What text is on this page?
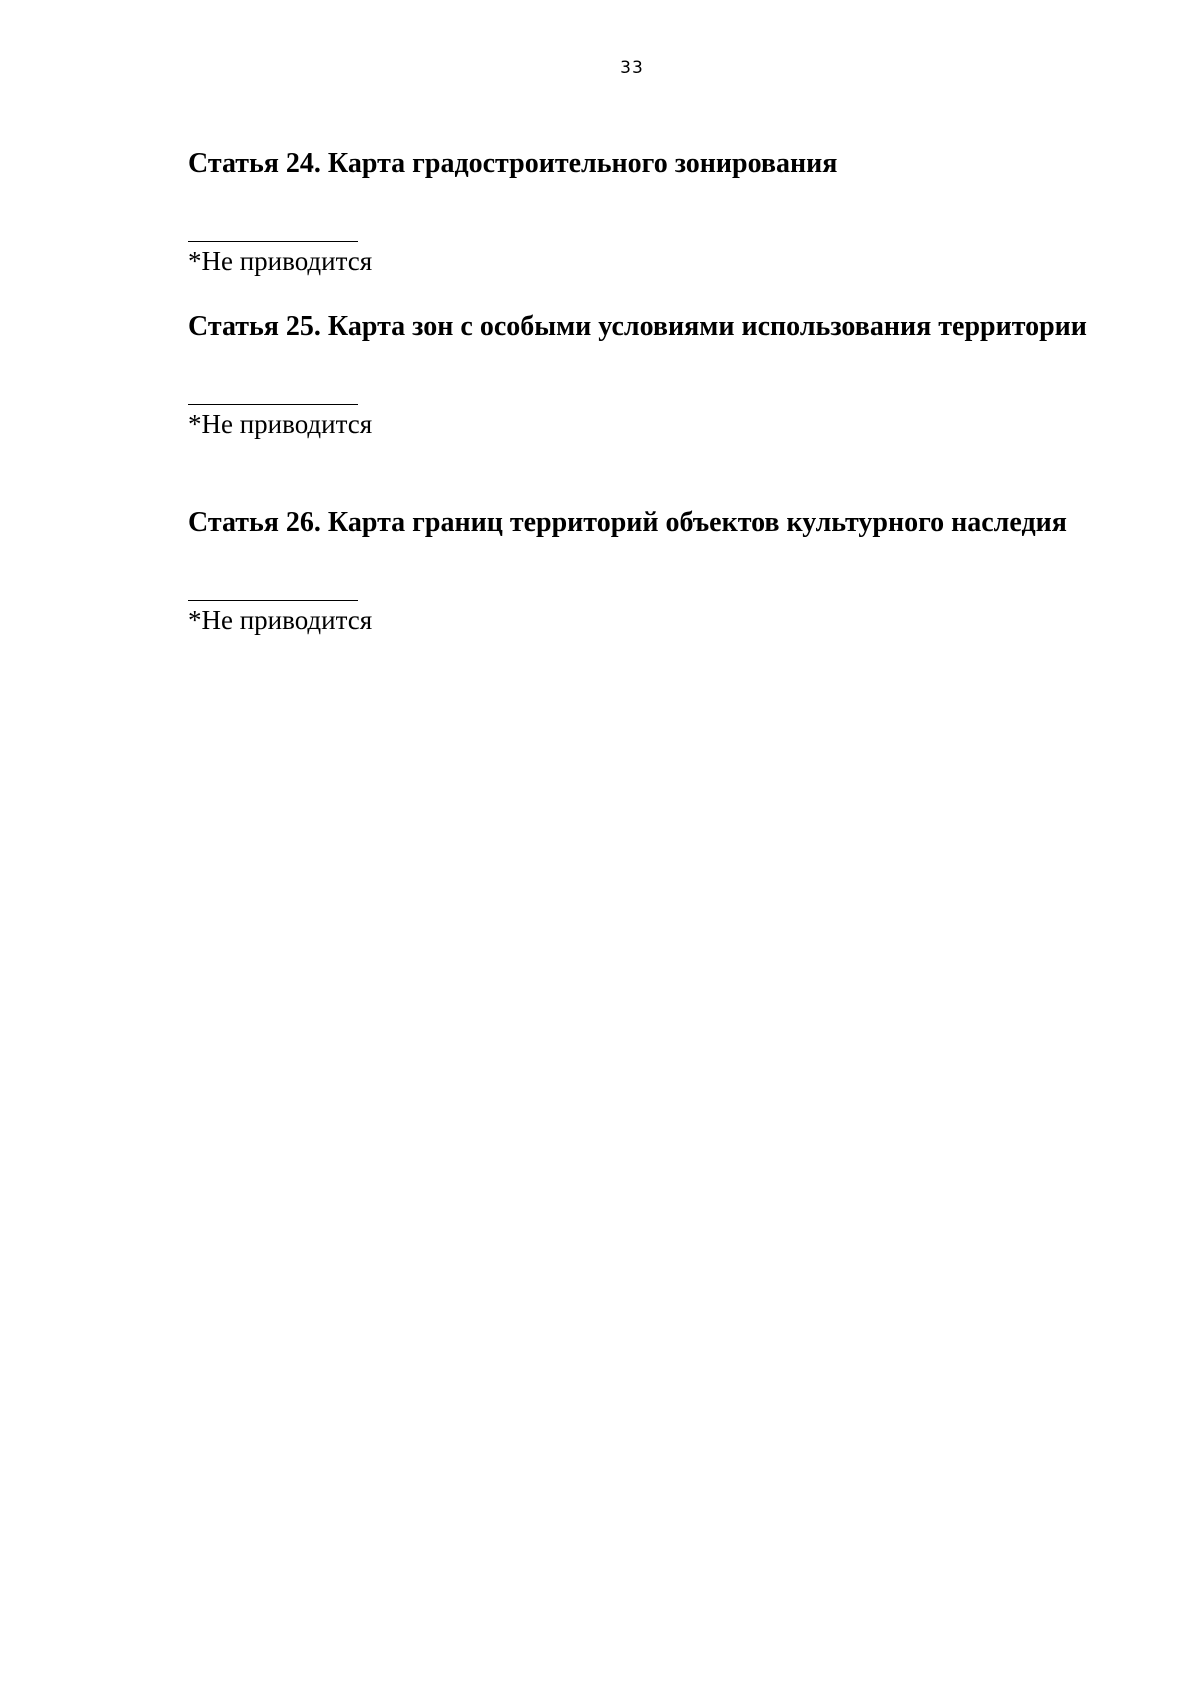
33
Статья 24. Карта градостроительного зонирования
*Не приводится
Статья 25. Карта зон с особыми условиями использования территории
*Не приводится
Статья 26. Карта границ территорий объектов культурного наследия
*Не приводится
